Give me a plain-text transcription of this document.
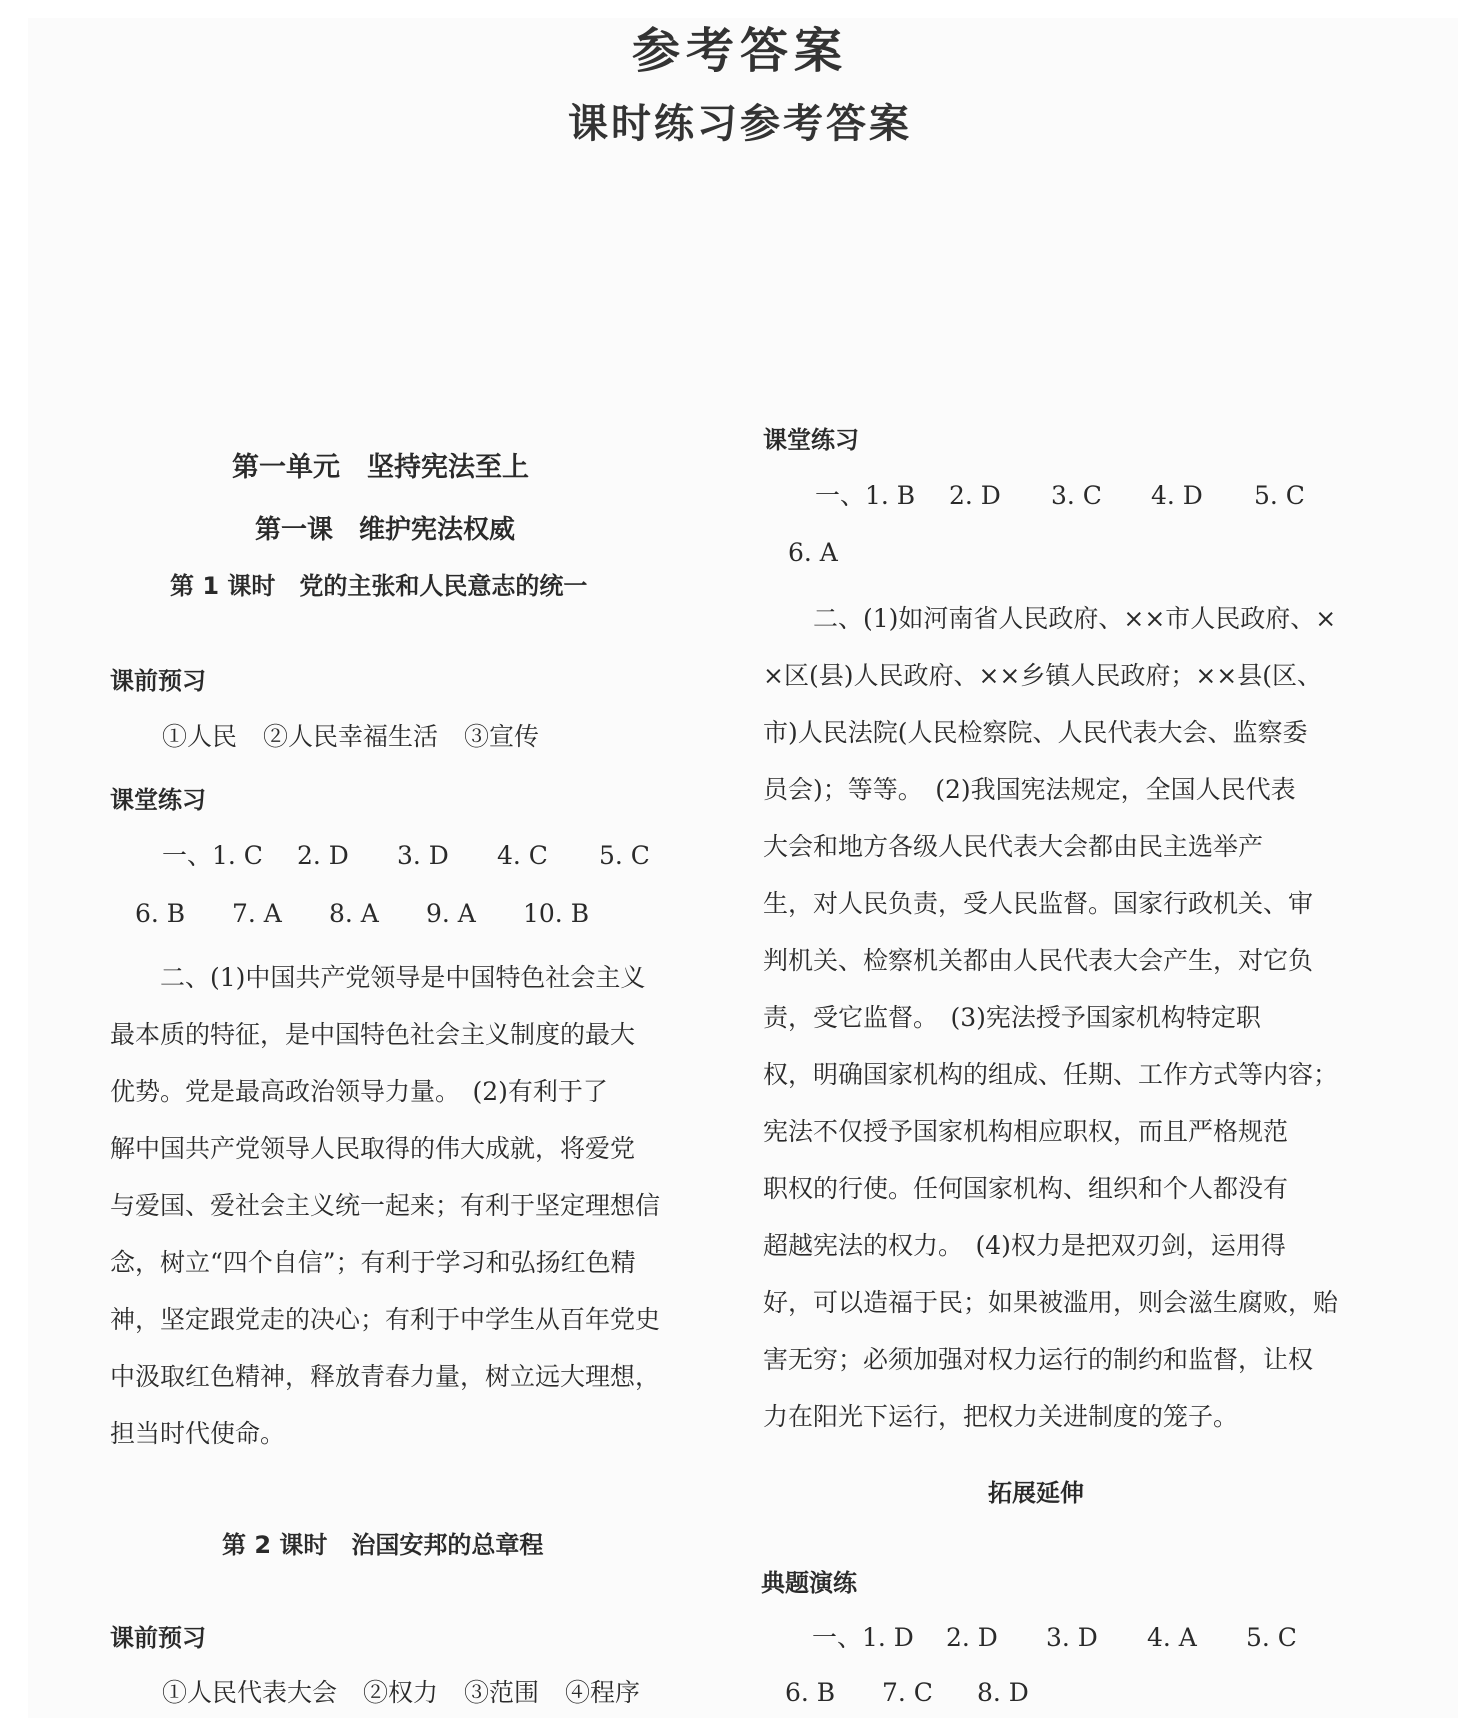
参考答案
课时练习参考答案
第一单元　坚持宪法至上
第一课　维护宪法权威
第 1 课时　党的主张和人民意志的统一
课前预习
①人民 ②人民幸福生活 ③宣传
课堂练习
一、1. C 2. D 3. D 4. C 5. C
6. B 7. A 8. A 9. A 10. B

二、(1)中国共产党领导是中国特色社会主义

最本质的特征，是中国特色社会主义制度的最大

优势。党是最高政治领导力量。　(2)有利于了

解中国共产党领导人民取得的伟大成就，将爱党

与爱国、爱社会主义统一起来；有利于坚定理想信

念，树立“四个自信”；有利于学习和弘扬红色精

神，坚定跟党走的决心；有利于中学生从百年党史

中汲取红色精神，释放青春力量，树立远大理想，

担当时代使命。

第 2 课时　治国安邦的总章程
课前预习
①人民代表大会 ②权力 ③范围 ④程序
课堂练习
一、1. B 2. D 3. C 4. D 5. C
6. A

二、(1)如河南省人民政府、××市人民政府、×

×区(县)人民政府、××乡镇人民政府；××县(区、

市)人民法院(人民检察院、人民代表大会、监察委

员会)；等等。　(2)我国宪法规定，全国人民代表

大会和地方各级人民代表大会都由民主选举产

生，对人民负责，受人民监督。国家行政机关、审

判机关、检察机关都由人民代表大会产生，对它负

责，受它监督。　(3)宪法授予国家机构特定职

权，明确国家机构的组成、任期、工作方式等内容；

宪法不仅授予国家机构相应职权，而且严格规范

职权的行使。任何国家机构、组织和个人都没有

超越宪法的权力。　(4)权力是把双刃剑，运用得

好，可以造福于民；如果被滥用，则会滋生腐败，贻

害无穷；必须加强对权力运行的制约和监督，让权

力在阳光下运行，把权力关进制度的笼子。

拓展延伸
典题演练
一、1. D 2. D 3. D 4. A 5. C
6. B 7. C 8. D
